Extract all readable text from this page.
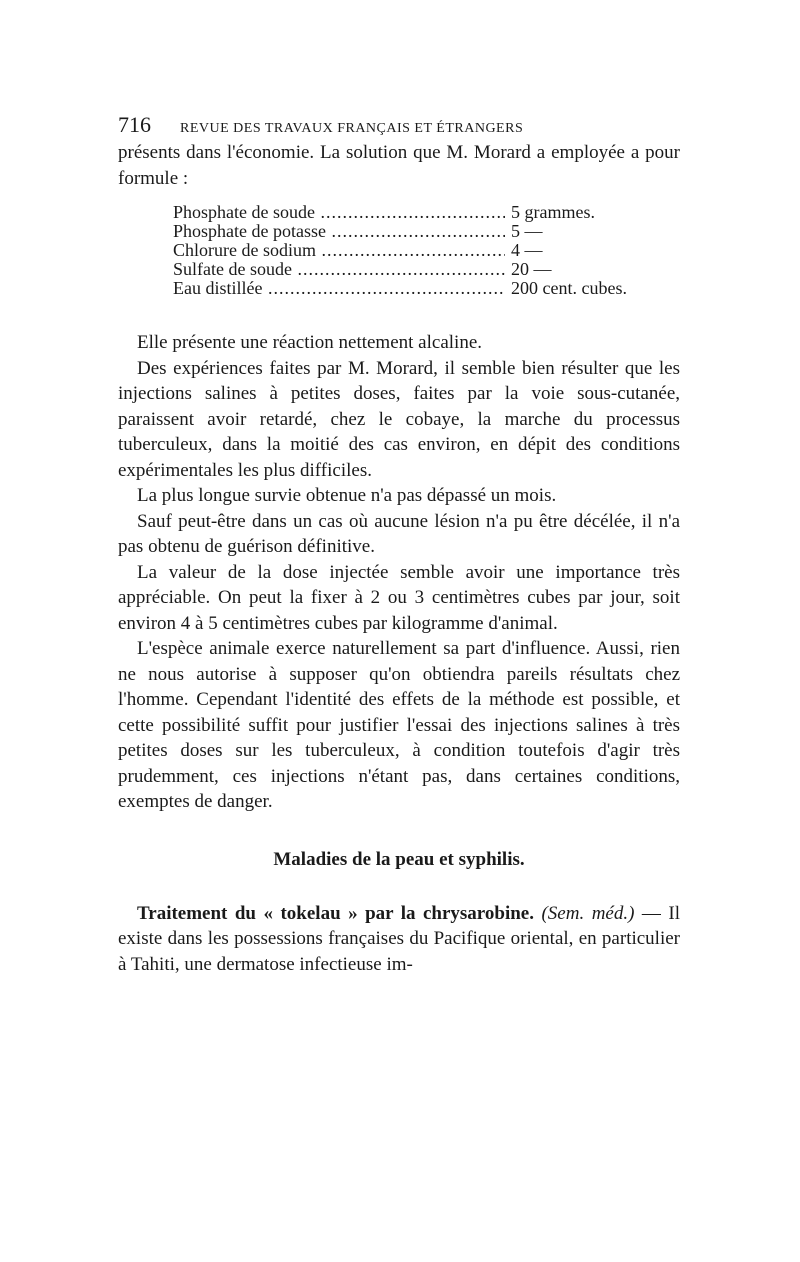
716	REVUE DES TRAVAUX FRANÇAIS ET ÉTRANGERS

présents dans l'économie. La solution que M. Morard a employée a pour formule :

Phosphate de soude .....	5 grammes.
Phosphate de potasse .....	5 —
Chlorure de sodium .....	4 —
Sulfate de soude .....	20 —
Eau distillée .....	200 cent. cubes.

Elle présente une réaction nettement alcaline.

Des expériences faites par M. Morard, il semble bien résulter que les injections salines à petites doses, faites par la voie sous-cutanée, paraissent avoir retardé, chez le cobaye, la marche du processus tuberculeux, dans la moitié des cas environ, en dépit des conditions expérimentales les plus difficiles.

La plus longue survie obtenue n'a pas dépassé un mois.

Sauf peut-être dans un cas où aucune lésion n'a pu être décélée, il n'a pas obtenu de guérison définitive.

La valeur de la dose injectée semble avoir une importance très appréciable. On peut la fixer à 2 ou 3 centimètres cubes par jour, soit environ 4 à 5 centimètres cubes par kilogramme d'animal.

L'espèce animale exerce naturellement sa part d'influence. Aussi, rien ne nous autorise à supposer qu'on obtiendra pareils résultats chez l'homme. Cependant l'identité des effets de la méthode est possible, et cette possibilité suffit pour justifier l'essai des injections salines à très petites doses sur les tuberculeux, à condition toutefois d'agir très prudemment, ces injections n'étant pas, dans certaines conditions, exemptes de danger.

Maladies de la peau et syphilis.

Traitement du « tokelau » par la chrysarobine. (Sem. méd.) — Il existe dans les possessions françaises du Pacifique oriental, en particulier à Tahiti, une dermatose infectieuse im-
